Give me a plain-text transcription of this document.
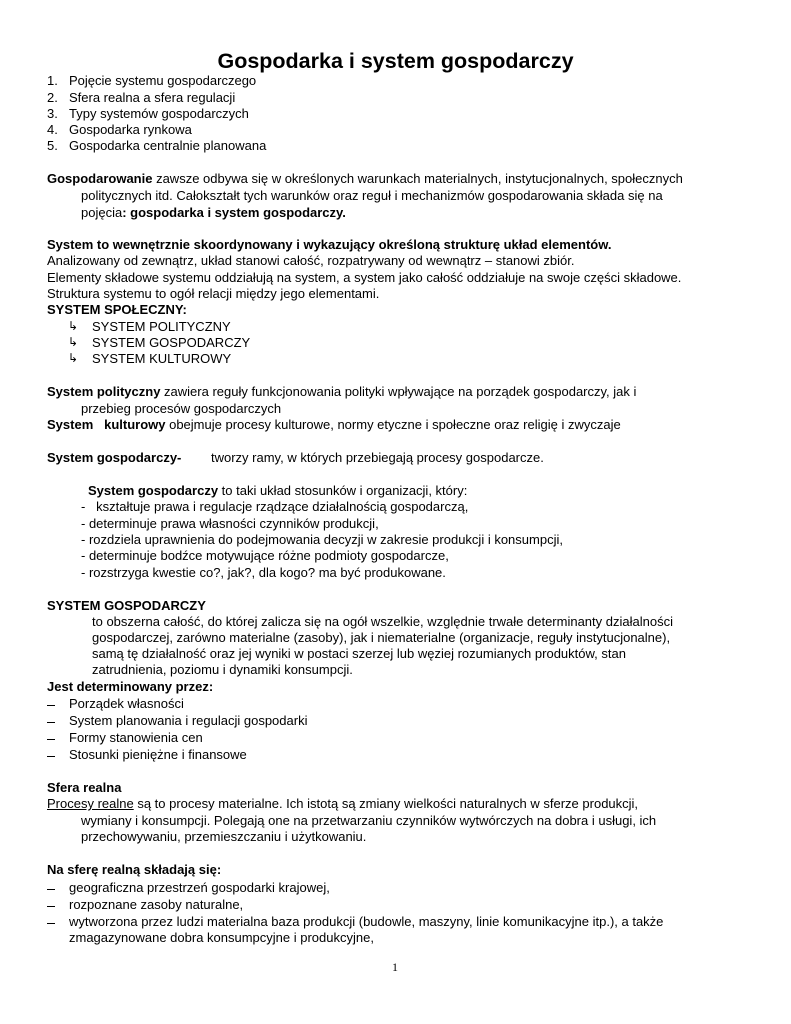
Gospodarka i system gospodarczy
1. Pojęcie systemu gospodarczego
2. Sfera realna a sfera regulacji
3. Typy systemów gospodarczych
4. Gospodarka rynkowa
5. Gospodarka centralnie planowana
Gospodarowanie zawsze odbywa się w określonych warunkach materialnych, instytucjonalnych, społecznych
politycznych itd. Całokształt tych warunków oraz reguł i mechanizmów gospodarowania składa się na
pojęcia: gospodarka i system gospodarczy.
System to wewnętrznie skoordynowany i wykazujący określoną strukturę układ elementów.
Analizowany od zewnątrz, układ stanowi całość, rozpatrywany od wewnątrz – stanowi zbiór.
Elementy składowe systemu oddziałują na system, a system jako całość oddziałuje na swoje części składowe.
Struktura systemu to ogół relacji między jego elementami.
SYSTEM SPOŁECZNY:
↳ SYSTEM POLITYCZNY
↳ SYSTEM GOSPODARCZY
↳ SYSTEM KULTUROWY
System polityczny zawiera reguły funkcjonowania polityki wpływające na porządek gospodarczy, jak i
przebieg procesów gospodarczych
System   kulturowy obejmuje procesy kulturowe, normy etyczne i społeczne oraz religię i zwyczaje
System gospodarczy- tworzy ramy, w których przebiegają procesy gospodarcze.
System gospodarczy to taki układ stosunków i organizacji, który:
-   kształtuje prawa i regulacje rządzące działalnością gospodarczą,
- determinuje prawa własności czynników produkcji,
- rozdziela uprawnienia do podejmowania decyzji w zakresie produkcji i konsumpcji,
- determinuje bodźce motywujące różne podmioty gospodarcze,
- rozstrzyga kwestie co?, jak?, dla kogo? ma być produkowane.
SYSTEM GOSPODARCZY
to obszerna całość, do której zalicza się na ogół wszelkie, względnie trwałe determinanty działalności
gospodarczej, zarówno materialne (zasoby), jak i niematerialne (organizacje, reguły instytucjonalne),
samą tę działalność oraz jej wyniki w postaci szerzej lub węziej rozumianych produktów, stan
zatrudnienia, poziomu i dynamiki konsumpcji.
Jest determinowany przez:
Porządek własności
System planowania i regulacji gospodarki
Formy stanowienia cen
Stosunki pieniężne i finansowe
Sfera realna
Procesy realne są to procesy materialne. Ich istotą są zmiany wielkości naturalnych w sferze produkcji,
wymiany i konsumpcji. Polegają one na przetwarzaniu czynników wytwórczych na dobra i usługi, ich
przechowywaniu, przemieszczaniu i użytkowaniu.
Na sferę realną składają się:
geograficzna przestrzeń gospodarki krajowej,
rozpoznane zasoby naturalne,
wytworzona przez ludzi materialna baza produkcji (budowle, maszyny, linie komunikacyjne itp.), a także
zmagazynowane dobra konsumpcyjne i produkcyjne,
1
